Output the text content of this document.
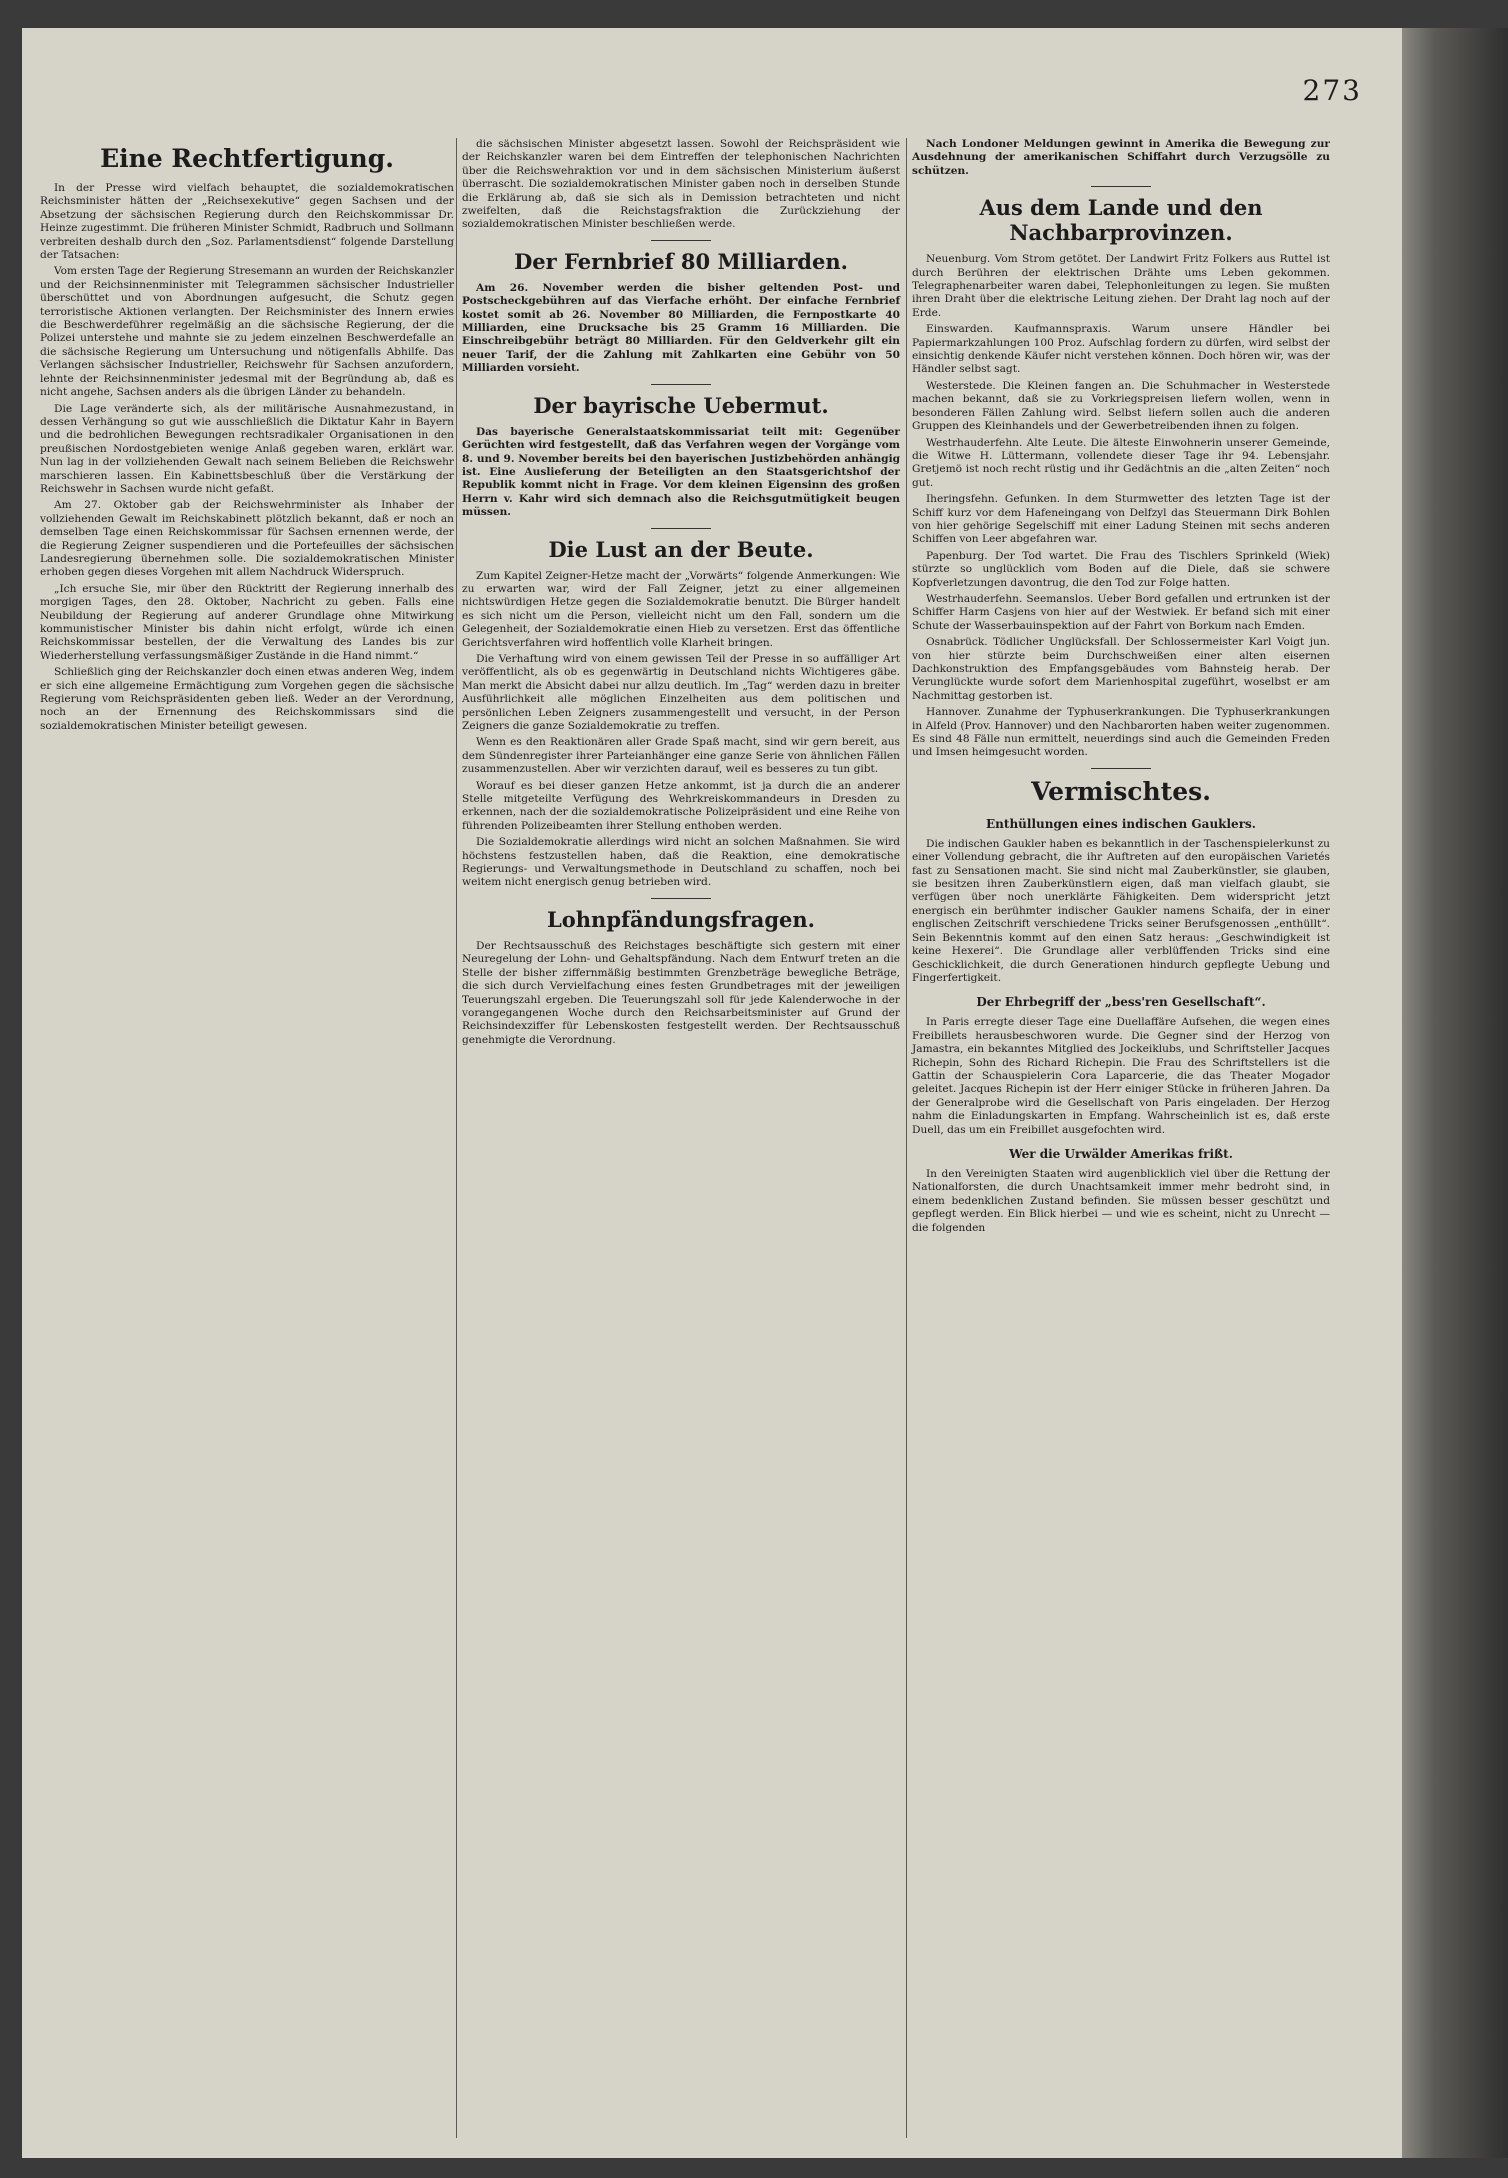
273
Eine Rechtfertigung.

In der Presse wird vielfach behauptet, die sozialdemokratischen Reichsminister hätten der „Reichsexekutive“ gegen Sachsen und der Absetzung der sächsischen Regierung durch den Reichskommissar Dr. Heinze zugestimmt. Die früheren Minister Schmidt, Radbruch und Sollmann verbreiten deshalb durch den „Soz. Parlamentsdienst“ folgende Darstellung der Tatsachen:

Vom ersten Tage der Regierung Stresemann an wurden der Reichskanzler und der Reichsinnenminister mit Telegrammen sächsischer Industrieller überschüttet und von Abordnungen aufgesucht, die Schutz gegen terroristische Aktionen verlangten. Der Reichsminister des Innern erwies die Beschwerdeführer regelmäßig an die sächsische Regierung, der die Polizei unterstehe und mahnte sie zu jedem einzelnen Beschwerdefalle an die sächsische Regierung um Untersuchung und nötigenfalls Abhilfe. Das Verlangen sächsischer Industrieller, Reichswehr für Sachsen anzufordern, lehnte der Reichsinnenminister jedesmal mit der Begründung ab, daß es nicht angehe, Sachsen anders als die übrigen Länder zu behandeln.

Die Lage veränderte sich, als der militärische Ausnahmezustand, in dessen Verhängung so gut wie ausschließlich die Diktatur Kahr in Bayern und die bedrohlichen Bewegungen rechtsradikaler Organisationen in den preußischen Nordostgebieten wenige Anlaß gegeben waren, erklärt war. Nun lag in der vollziehenden Gewalt nach seinem Belieben die Reichswehr marschieren lassen. Ein Kabinettsbeschluß über die Verstärkung der Reichswehr in Sachsen wurde nicht gefaßt.

Am 27. Oktober gab der Reichswehrminister als Inhaber der vollziehenden Gewalt im Reichskabinett plötzlich bekannt, daß er noch an demselben Tage einen Reichskommissar für Sachsen ernennen werde, der die Regierung Zeigner suspendieren und die Portefeuilles der sächsischen Landesregierung übernehmen solle. Die sozialdemokratischen Minister erhoben gegen dieses Vorgehen mit allem Nachdruck Widerspruch.

„Ich ersuche Sie, mir über den Rücktritt der Regierung innerhalb des morgigen Tages, den 28. Oktober, Nachricht zu geben. Falls eine Neubildung der Regierung auf anderer Grundlage ohne Mitwirkung kommunistischer Minister bis dahin nicht erfolgt, würde ich einen Reichskommissar bestellen, der die Verwaltung des Landes bis zur Wiederherstellung verfassungsmäßiger Zustände in die Hand nimmt.“

Schließlich ging der Reichskanzler doch einen etwas anderen Weg, indem er sich eine allgemeine Ermächtigung zum Vorgehen gegen die sächsische Regierung vom Reichspräsidenten geben ließ. Weder an der Verordnung, noch an der Ernennung des Reichskommissars sind die sozialdemokratischen Minister beteiligt gewesen.

die sächsischen Minister abgesetzt lassen. Sowohl der Reichspräsident wie der Reichskanzler waren bei dem Eintreffen der telephonischen Nachrichten über die Reichswehraktion vor und in dem sächsischen Ministerium äußerst überrascht. Die sozialdemokratischen Minister gaben noch in derselben Stunde die Erklärung ab, daß sie sich als in Demission betrachteten und nicht zweifelten, daß die Reichstagsfraktion die Zurückziehung der sozialdemokratischen Minister beschließen werde.

Der Fernbrief 80 Milliarden.

Am 26. November werden die bisher geltenden Post- und Postscheckgebühren auf das Vierfache erhöht. Der einfache Fernbrief kostet somit ab 26. November 80 Milliarden, die Fernpostkarte 40 Milliarden, eine Drucksache bis 25 Gramm 16 Milliarden. Die Einschreibgebühr beträgt 80 Milliarden. Für den Geldverkehr gilt ein neuer Tarif, der die Zahlung mit Zahlkarten eine Gebühr von 50 Milliarden vorsieht.

Der bayrische Uebermut.

Das bayerische Generalstaatskommissariat teilt mit: Gegenüber Gerüchten wird festgestellt, daß das Verfahren wegen der Vorgänge vom 8. und 9. November bereits bei den bayerischen Justizbehörden anhängig ist. Eine Auslieferung der Beteiligten an den Staatsgerichtshof der Republik kommt nicht in Frage. Vor dem kleinen Eigensinn des großen Herrn v. Kahr wird sich demnach also die Reichsgutmütigkeit beugen müssen.

Die Lust an der Beute.

Zum Kapitel Zeigner-Hetze macht der „Vorwärts“ folgende Anmerkungen: Wie zu erwarten war, wird der Fall Zeigner, jetzt zu einer allgemeinen nichtswürdigen Hetze gegen die Sozialdemokratie benutzt. Die Bürger handelt es sich nicht um die Person, vielleicht nicht um den Fall, sondern um die Gelegenheit, der Sozialdemokratie einen Hieb zu versetzen. Erst das öffentliche Gerichtsverfahren wird hoffentlich volle Klarheit bringen.

Die Verhaftung wird von einem gewissen Teil der Presse in so auffälliger Art veröffentlicht, als ob es gegenwärtig in Deutschland nichts Wichtigeres gäbe. Man merkt die Absicht dabei nur allzu deutlich. Im „Tag“ werden dazu in breiter Ausführlichkeit alle möglichen Einzelheiten aus dem politischen und persönlichen Leben Zeigners zusammengestellt und versucht, in der Person Zeigners die ganze Sozialdemokratie zu treffen.

Wenn es den Reaktionären aller Grade Spaß macht, sind wir gern bereit, aus dem Sündenregister ihrer Parteianhänger eine ganze Serie von ähnlichen Fällen zusammenzustellen. Aber wir verzichten darauf, weil es besseres zu tun gibt.

Worauf es bei dieser ganzen Hetze ankommt, ist ja durch die an anderer Stelle mitgeteilte Verfügung des Wehrkreiskommandeurs in Dresden zu erkennen, nach der die sozialdemokratische Polizeipräsident und eine Reihe von führenden Polizeibeamten ihrer Stellung enthoben werden.

Die Sozialdemokratie allerdings wird nicht an solchen Maßnahmen. Sie wird höchstens festzustellen haben, daß die Reaktion, eine demokratische Regierungs- und Verwaltungsmethode in Deutschland zu schaffen, noch bei weitem nicht energisch genug betrieben wird.

Lohnpfändungsfragen.

Der Rechtsausschuß des Reichstages beschäftigte sich gestern mit einer Neuregelung der Lohn- und Gehaltspfändung. Nach dem Entwurf treten an die Stelle der bisher ziffernmäßig bestimmten Grenzbeträge bewegliche Beträge, die sich durch Vervielfachung eines festen Grundbetrages mit der jeweiligen Teuerungszahl ergeben. Die Teuerungszahl soll für jede Kalenderwoche in der vorangegangenen Woche durch den Reichsarbeitsminister auf Grund der Reichsindexziffer für Lebenskosten festgestellt werden. Der Rechtsausschuß genehmigte die Verordnung.

Nach Londoner Meldungen gewinnt in Amerika die Bewegung zur Ausdehnung der amerikanischen Schiffahrt durch Verzugsölle zu schützen.

Aus dem Lande und den Nachbarprovinzen.

Neuenburg. Vom Strom getötet. Der Landwirt Fritz Folkers aus Ruttel ist durch Berühren der elektrischen Drähte ums Leben gekommen. Telegraphenarbeiter waren dabei, Telephonleitungen zu legen. Sie mußten ihren Draht über die elektrische Leitung ziehen. Der Draht lag noch auf der Erde.

Einswarden. Kaufmannspraxis. Warum unsere Händler bei Papiermarkzahlungen 100 Proz. Aufschlag fordern zu dürfen, wird selbst der einsichtig denkende Käufer nicht verstehen können. Doch hören wir, was der Händler selbst sagt.

Westerstede. Die Kleinen fangen an. Die Schuhmacher in Westerstede machen bekannt, daß sie zu Vorkriegspreisen liefern wollen, wenn in besonderen Fällen Zahlung wird. Selbst liefern sollen auch die anderen Gruppen des Kleinhandels und der Gewerbetreibenden ihnen zu folgen.

Westrhauderfehn. Alte Leute. Die älteste Einwohnerin unserer Gemeinde, die Witwe H. Lüttermann, vollendete dieser Tage ihr 94. Lebensjahr. Gretjemö ist noch recht rüstig und ihr Gedächtnis an die „alten Zeiten“ noch gut.

Iheringsfehn. Gefunken. In dem Sturmwetter des letzten Tage ist der Schiff kurz vor dem Hafeneingang von Delfzyl das Steuermann Dirk Bohlen von hier gehörige Segelschiff mit einer Ladung Steinen mit sechs anderen Schiffen von Leer abgefahren war.

Papenburg. Der Tod wartet. Die Frau des Tischlers Sprinkeld (Wiek) stürzte so unglücklich vom Boden auf die Diele, daß sie schwere Kopfverletzungen davontrug, die den Tod zur Folge hatten.

Westrhauderfehn. Seemanslos. Ueber Bord gefallen und ertrunken ist der Schiffer Harm Casjens von hier auf der Westwiek. Er befand sich mit einer Schute der Wasserbauinspektion auf der Fahrt von Borkum nach Emden.

Osnabrück. Tödlicher Unglücksfall. Der Schlossermeister Karl Voigt jun. von hier stürzte beim Durchschweißen einer alten eisernen Dachkonstruktion des Empfangsgebäudes vom Bahnsteig herab. Der Verunglückte wurde sofort dem Marienhospital zugeführt, woselbst er am Nachmittag gestorben ist.

Hannover. Zunahme der Typhuserkrankungen. Die Typhuserkrankungen in Alfeld (Prov. Hannover) und den Nachbarorten haben weiter zugenommen. Es sind 48 Fälle nun ermittelt, neuerdings sind auch die Gemeinden Freden und Imsen heimgesucht worden.

Vermischtes.
Enthüllungen eines indischen Gauklers.

Die indischen Gaukler haben es bekanntlich in der Taschenspielerkunst zu einer Vollendung gebracht, die ihr Auftreten auf den europäischen Varietés fast zu Sensationen macht. Sie sind nicht mal Zauberkünstler, sie glauben, sie besitzen ihren Zauberkünstlern eigen, daß man vielfach glaubt, sie verfügen über noch unerklärte Fähigkeiten. Dem widerspricht jetzt energisch ein berühmter indischer Gaukler namens Schaifa, der in einer englischen Zeitschrift verschiedene Tricks seiner Berufsgenossen „enthüllt“. Sein Bekenntnis kommt auf den einen Satz heraus: „Geschwindigkeit ist keine Hexerei“. Die Grundlage aller verblüffenden Tricks sind eine Geschicklichkeit, die durch Generationen hindurch gepflegte Uebung und Fingerfertigkeit.

Der Ehrbegriff der „bess'ren Gesellschaft“.

In Paris erregte dieser Tage eine Duellaffäre Aufsehen, die wegen eines Freibillets herausbeschworen wurde. Die Gegner sind der Herzog von Jamastra, ein bekanntes Mitglied des Jockeiklubs, und Schriftsteller Jacques Richepin, Sohn des Richard Richepin. Die Frau des Schriftstellers ist die Gattin der Schauspielerin Cora Laparcerie, die das Theater Mogador geleitet. Jacques Richepin ist der Herr einiger Stücke in früheren Jahren. Da der Generalprobe wird die Gesellschaft von Paris eingeladen. Der Herzog nahm die Einladungskarten in Empfang. Wahrscheinlich ist es, daß erste Duell, das um ein Freibillet ausgefochten wird.

Wer die Urwälder Amerikas frißt.

In den Vereinigten Staaten wird augenblicklich viel über die Rettung der Nationalforsten, die durch Unachtsamkeit immer mehr bedroht sind, in einem bedenklichen Zustand befinden. Sie müssen besser geschützt und gepflegt werden. Ein Blick hierbei — und wie es scheint, nicht zu Unrecht — die folgenden
